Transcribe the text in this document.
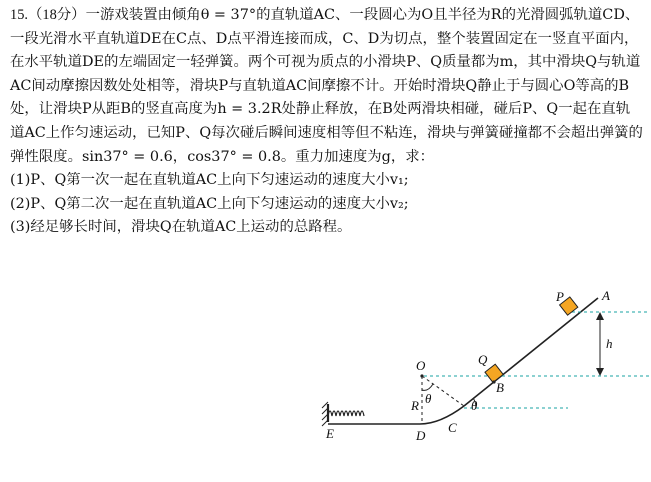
15.（18分）一游戏装置由倾角θ = 37°的直轨道AC、一段圆心为O且半径为R的光滑圆弧轨道CD、一段光滑水平直轨道DE在C点、D点平滑连接而成，C、D为切点，整个装置固定在一竖直平面内，在水平轨道DE的左端固定一轻弹簧。两个可视为质点的小滑块P、Q质量都为m，其中滑块Q与轨道AC间动摩擦因数处处相等，滑块P与直轨道AC间摩擦不计。开始时滑块Q静止于与圆心O等高的B处，让滑块P从距B的竖直高度为h = 3.2R处静止释放，在B处两滑块相碰，碰后P、Q一起在直轨道AC上作匀速运动，已知P、Q每次碰后瞬间速度相等但不粘连，滑块与弹簧碰撞都不会超出弹簧的弹性限度。sin37° = 0.6，cos37° = 0.8。重力加速度为g，求：

(1)P、Q第一次一起在直轨道AC上向下匀速运动的速度大小v₁;

(2)P、Q第二次一起在直轨道AC上向下匀速运动的速度大小v₂;

(3)经足够长时间，滑块Q在轨道AC上运动的总路程。

A
P
h
Q
B
O
R θ	θ
C
D
E
